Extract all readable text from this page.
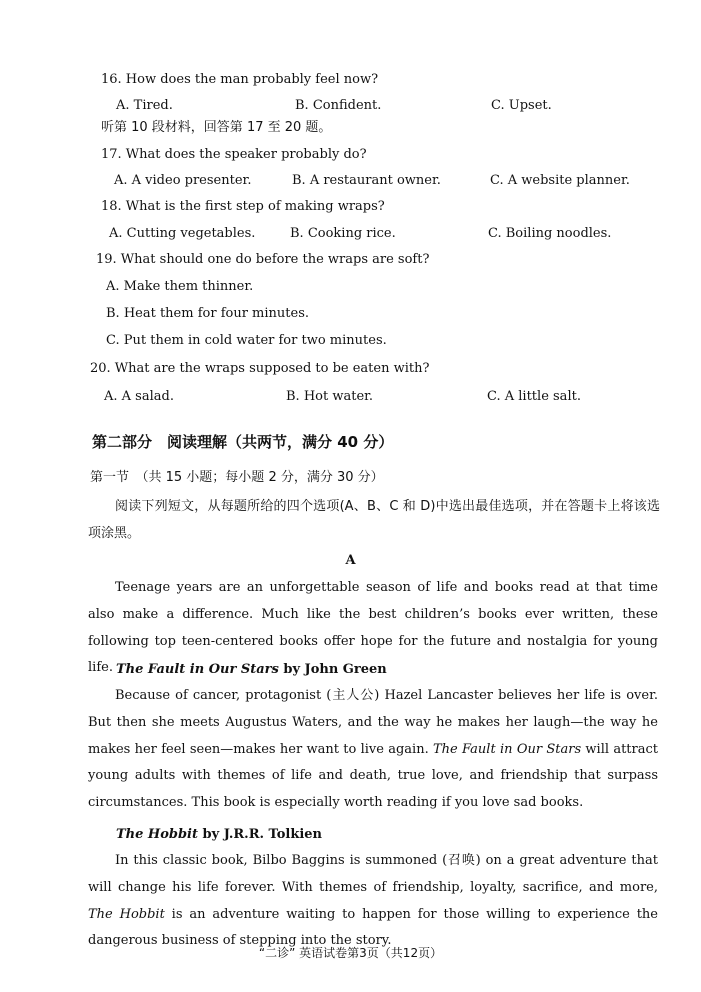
16. How does the man probably feel now?
A. Tired.	B. Confident.	C. Upset.
听第 10 段材料，回答第 17 至 20 题。
17. What does the speaker probably do?
A. A video presenter.	B. A restaurant owner.	C. A website planner.
18. What is the first step of making wraps?
A. Cutting vegetables.	B. Cooking rice.	C. Boiling noodles.
19. What should one do before the wraps are soft?
A. Make them thinner.
B. Heat them for four minutes.
C. Put them in cold water for two minutes.
20. What are the wraps supposed to be eaten with?
A. A salad.	B. Hot water.	C. A little salt.
第二部分　阅读理解（共两节，满分 40 分）
第一节　（共 15 小题；每小题 2 分，满分 30 分）
阅读下列短文，从每题所给的四个选项(A、B、C 和 D)中选出最佳选项，并在答题卡上将该选项涂黑。
A
Teenage years are an unforgettable season of life and books read at that time also make a difference. Much like the best children’s books ever written, these following top teen-centered books offer hope for the future and nostalgia for young life. The Fault in Our Stars by John Green
Because of cancer, protagonist (主人公) Hazel Lancaster believes her life is over. But then she meets Augustus Waters, and the way he makes her laugh—the way he makes her feel seen—makes her want to live again. The Fault in Our Stars will attract young adults with themes of life and death, true love, and friendship that surpass circumstances. This book is especially worth reading if you love sad books.
The Hobbit by J.R.R. Tolkien
In this classic book, Bilbo Baggins is summoned (召唤) on a great adventure that will change his life forever. With themes of friendship, loyalty, sacrifice, and more, The Hobbit is an adventure waiting to happen for those willing to experience the dangerous business of stepping into the story.
“二诊” 英语试卷第3页（共12页）
